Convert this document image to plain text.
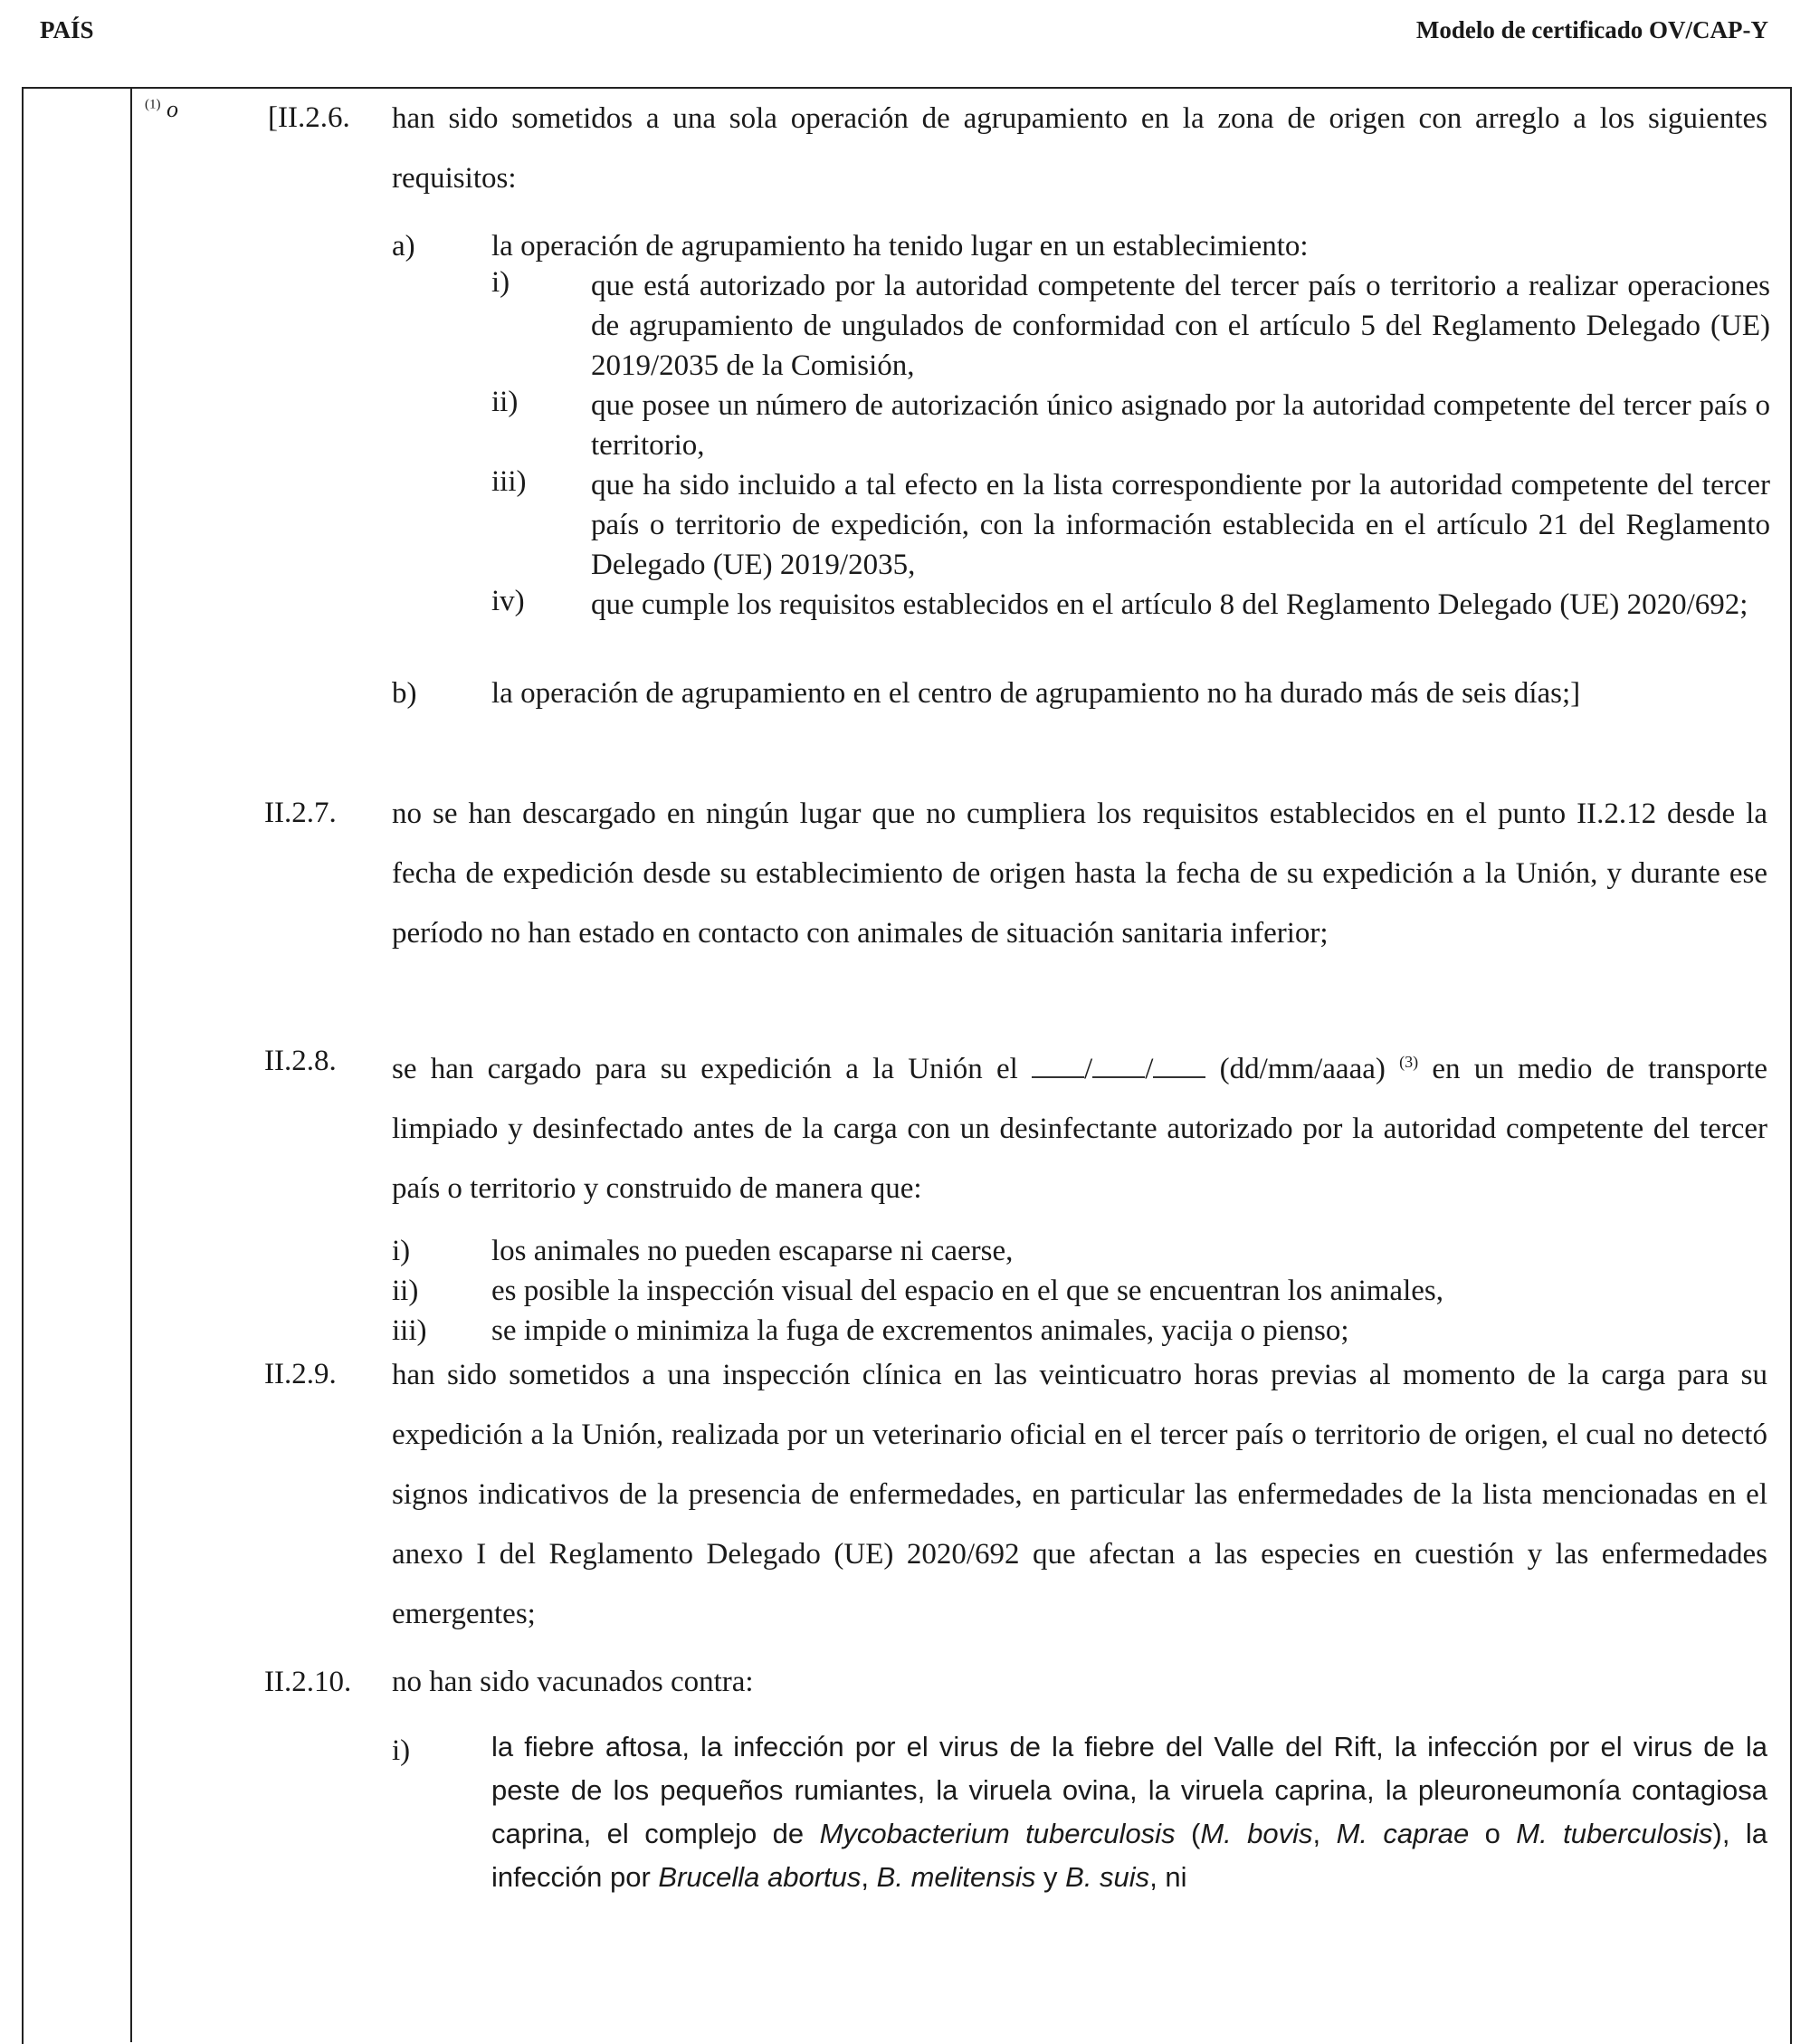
PAÍS	Modelo de certificado OV/CAP-Y
$^{(1)}$ o	[II.2.6. han sido sometidos a una sola operación de agrupamiento en la zona de origen con arreglo a los siguientes requisitos:
a)	la operación de agrupamiento ha tenido lugar en un establecimiento:
i)	que está autorizado por la autoridad competente del tercer país o territorio a realizar operaciones de agrupamiento de ungulados de conformidad con el artículo 5 del Reglamento Delegado (UE) 2019/2035 de la Comisión,
ii) que posee un número de autorización único asignado por la autoridad competente del tercer país o territorio,
iii) que ha sido incluido a tal efecto en la lista correspondiente por la autoridad competente del tercer país o territorio de expedición, con la información establecida en el artículo 21 del Reglamento Delegado (UE) 2019/2035,
iv) que cumple los requisitos establecidos en el artículo 8 del Reglamento Delegado (UE) 2020/692;
b)	la operación de agrupamiento en el centro de agrupamiento no ha durado más de seis días;]
II.2.7. no se han descargado en ningún lugar que no cumpliera los requisitos establecidos en el punto II.2.12 desde la fecha de expedición desde su establecimiento de origen hasta la fecha de su expedición a la Unión, y durante ese período no han estado en contacto con animales de situación sanitaria inferior;
II.2.8. se han cargado para su expedición a la Unión el / / (dd/mm/aaaa) $^{(3)}$ en un medio de transporte limpiado y desinfectado antes de la carga con un desinfectante autorizado por la autoridad competente del tercer país o territorio y construido de manera que:
i)	los animales no pueden escaparse ni caerse,
ii) es posible la inspección visual del espacio en el que se encuentran los animales,
iii) se impide o minimiza la fuga de excrementos animales, yacija o pienso;
II.2.9. han sido sometidos a una inspección clínica en las veinticuatro horas previas al momento de la carga para su expedición a la Unión, realizada por un veterinario oficial en el tercer país o territorio de origen, el cual no detectó signos indicativos de la presencia de enfermedades, en particular las enfermedades de la lista mencionadas en el anexo I del Reglamento Delegado (UE) 2020/692 que afectan a las especies en cuestión y las enfermedades emergentes;
II.2.10. no han sido vacunados contra:
i)	la fiebre aftosa, la infección por el virus de la fiebre del Valle del Rift, la infección por el virus de la peste de los pequeños rumiantes, la viruela ovina, la viruela caprina, la pleuroneumonía contagiosa caprina, el complejo de Mycobacterium tuberculosis (M. bovis, M. caprae o M. tuberculosis), la infección por Brucella abortus, B. melitensis y B. suis, ni
